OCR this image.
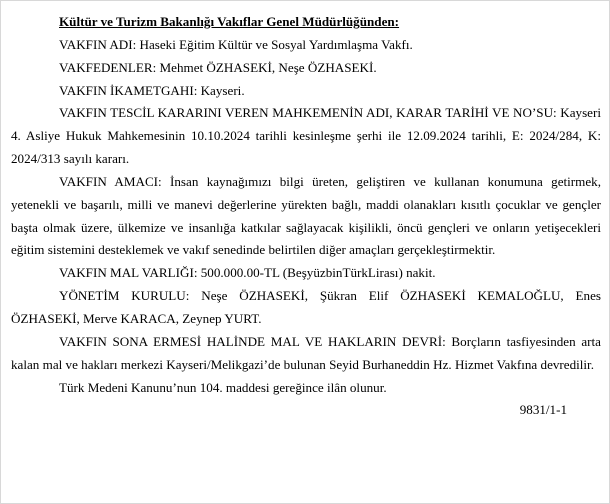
Kültür ve Turizm Bakanlığı Vakıflar Genel Müdürlüğünden:

VAKFIN ADI: Haseki Eğitim Kültür ve Sosyal Yardımlaşma Vakfı.

VAKFEDENLER: Mehmet ÖZHASEKİ, Neşe ÖZHASEKİ.

VAKFIN İKAMETGAHI: Kayseri.

VAKFIN TESCİL KARARINI VEREN MAHKEMENİN ADI, KARAR TARİHİ VE NO’SU: Kayseri 4. Asliye Hukuk Mahkemesinin 10.10.2024 tarihli kesinleşme şerhi ile 12.09.2024 tarihli, E: 2024/284, K: 2024/313 sayılı kararı.

VAKFIN AMACI: İnsan kaynağımızı bilgi üreten, geliştiren ve kullanan konumuna getirmek, yetenekli ve başarılı, milli ve manevi değerlerine yürekten bağlı, maddi olanakları kısıtlı çocuklar ve gençler başta olmak üzere, ülkemize ve insanlığa katkılar sağlayacak kişilikli, öncü gençleri ve onların yetişecekleri eğitim sistemini desteklemek ve vakıf senedinde belirtilen diğer amaçları gerçekleştirmektir.

VAKFIN MAL VARLIĞI: 500.000.00-TL (BeşyüzbinTürkLirası) nakit.

YÖNETİM KURULU: Neşe ÖZHASEKİ, Şükran Elif ÖZHASEKİ KEMALOĞLU, Enes ÖZHASEKİ, Merve KARACA, Zeynep YURT.

VAKFIN SONA ERMESİ HALİNDE MAL VE HAKLARIN DEVRİ: Borçların tasfiyesinden arta kalan mal ve hakları merkezi Kayseri/Melikgazi’de bulunan Seyid Burhaneddin Hz. Hizmet Vakfına devredilir.

Türk Medeni Kanunu’nun 104. maddesi gereğince ilân olunur.

9831/1-1
